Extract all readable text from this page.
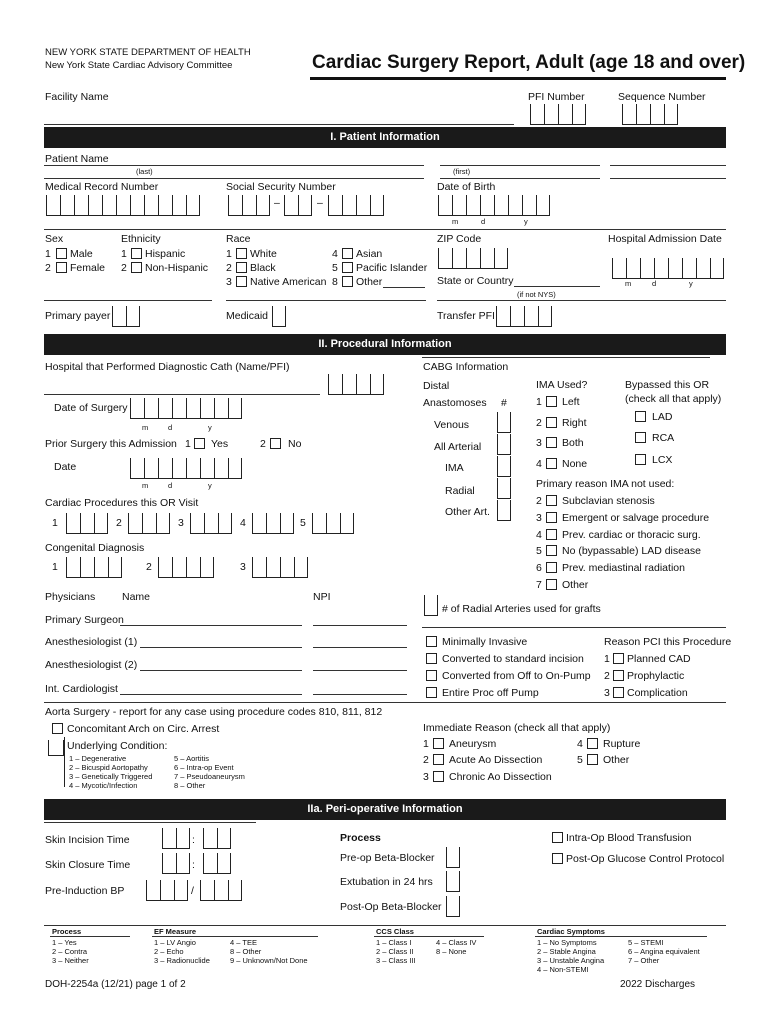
NEW YORK STATE DEPARTMENT OF HEALTH
New York State Cardiac Advisory Committee	Cardiac Surgery Report, Adult (age 18 and over)
Facility Name	PFI Number	Sequence Number
I. Patient Information
Patient Name
(last)	(first)
Medical Record Number	Social Security Number
–	–
Date of Birth
m	d	y
Sex
1 Male
2 Female
Ethnicity
1 Hispanic
2 Non-Hispanic
Race
1 White
2 Black
3 Native American
4 Asian
5 Pacific Islander
8 Other
ZIP Code
State or Country
(if not NYS)
Hospital Admission Date
m	d	y
Primary payer	Medicaid	Transfer PFI
II. Procedural Information
Hospital that Performed Diagnostic Cath (Name/PFI)
Date of Surgery
m	d	y
Prior Surgery this Admission 1 Yes	2 No
Date
m	d	y
Cardiac Procedures this OR Visit
1	2	3	4	5
Congenital Diagnosis
1	2	3
Physicians	Name	NPI
Primary Surgeon
Anesthesiologist (1)
Anesthesiologist (2)
Int. Cardiologist
CABG Information
Distal
Anastomoses #
Venous
All Arterial
IMA
Radial
Other Art.
IMA Used?
1 Left
2 Right
3 Both
4 None
Bypassed this OR
(check all that apply)
LAD
RCA
LCX
Primary reason IMA not used:
2 Subclavian stenosis
3 Emergent or salvage procedure
4 Prev. cardiac or thoracic surg.
5 No (bypassable) LAD disease
6 Prev. mediastinal radiation
7 Other
# of Radial Arteries used for grafts
Minimally Invasive
Converted to standard incision
Converted from Off to On-Pump
Entire Proc off Pump
Reason PCI this Procedure
1 Planned CAD
2 Prophylactic
3 Complication
Aorta Surgery - report for any case using procedure codes 810, 811, 812
Concomitant Arch on Circ. Arrest
Underlying Condition:
1 – Degenerative
2 – Bicuspid Aortopathy
3 – Genetically Triggered
4 – Mycotic/Infection
5 – Aortitis
6 – Intra-op Event
7 – Pseudoaneurysm
8 – Other
Immediate Reason (check all that apply)
1 Aneurysm
2 Acute Ao Dissection
3 Chronic Ao Dissection
4 Rupture
5 Other
IIa. Peri-operative Information
Skin Incision Time	:
Skin Closure Time	:
Pre-Induction BP	/
Process
Pre-op Beta-Blocker
Extubation in 24 hrs
Post-Op Beta-Blocker
Intra-Op Blood Transfusion
Post-Op Glucose Control Protocol
Process
1 – Yes
2 – Contra
3 – Neither
EF Measure
1 – LV Angio
2 – Echo
3 – Radionuclide
4 – TEE
8 – Other
9 – Unknown/Not Done
CCS Class
1 – Class I
2 – Class II
3 – Class III
4 – Class IV
8 – None
Cardiac Symptoms
1 – No Symptoms
2 – Stable Angina
3 – Unstable Angina
4 – Non-STEMI
5 – STEMI
6 – Angina equivalent
7 – Other
DOH-2254a (12/21) page 1 of 2	2022 Discharges
